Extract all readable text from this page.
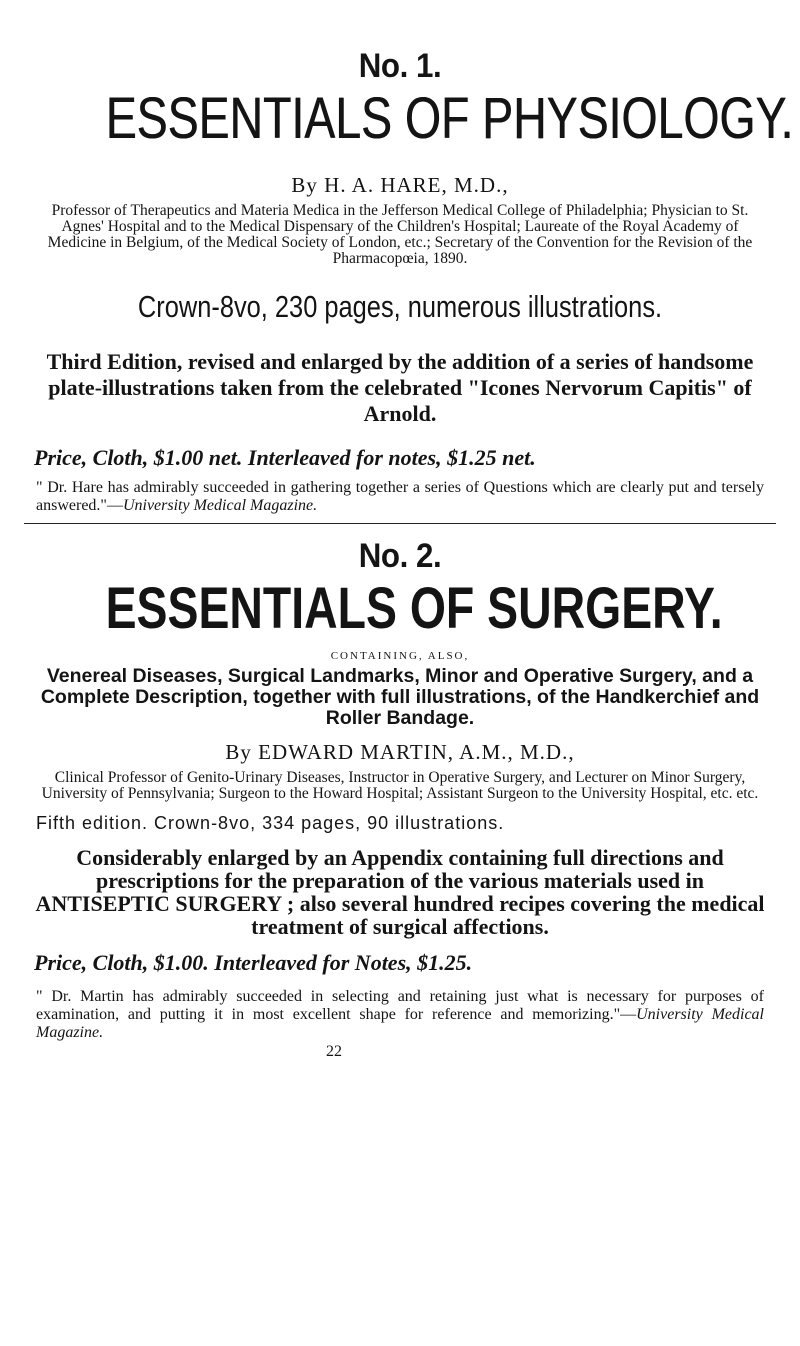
No. 1.
ESSENTIALS OF PHYSIOLOGY.
By H. A. HARE, M.D.,
Professor of Therapeutics and Materia Medica in the Jefferson Medical College of Philadelphia; Physician to St. Agnes' Hospital and to the Medical Dispensary of the Children's Hospital; Laureate of the Royal Academy of Medicine in Belgium, of the Medical Society of London, etc.; Secretary of the Convention for the Revision of the Pharmacopœia, 1890.
Crown-8vo, 230 pages, numerous illustrations.
Third Edition, revised and enlarged by the addition of a series of handsome plate-illustrations taken from the celebrated "Icones Nervorum Capitis" of Arnold.
Price, Cloth, $1.00 net. Interleaved for notes, $1.25 net.
" Dr. Hare has admirably succeeded in gathering together a series of Questions which are clearly put and tersely answered."—University Medical Magazine.
No. 2.
ESSENTIALS OF SURGERY.
CONTAINING, ALSO,
Venereal Diseases, Surgical Landmarks, Minor and Operative Surgery, and a Complete Description, together with full illustrations, of the Handkerchief and Roller Bandage.
By EDWARD MARTIN, A.M., M.D.,
Clinical Professor of Genito-Urinary Diseases, Instructor in Operative Surgery, and Lecturer on Minor Surgery, University of Pennsylvania; Surgeon to the Howard Hospital; Assistant Surgeon to the University Hospital, etc. etc.
Fifth edition. Crown-8vo, 334 pages, 90 illustrations.
Considerably enlarged by an Appendix containing full directions and prescriptions for the preparation of the various materials used in ANTISEPTIC SURGERY ; also several hundred recipes covering the medical treatment of surgical affections.
Price, Cloth, $1.00. Interleaved for Notes, $1.25.
" Dr. Martin has admirably succeeded in selecting and retaining just what is necessary for purposes of examination, and putting it in most excellent shape for reference and memorizing."—University Medical Magazine.
22
